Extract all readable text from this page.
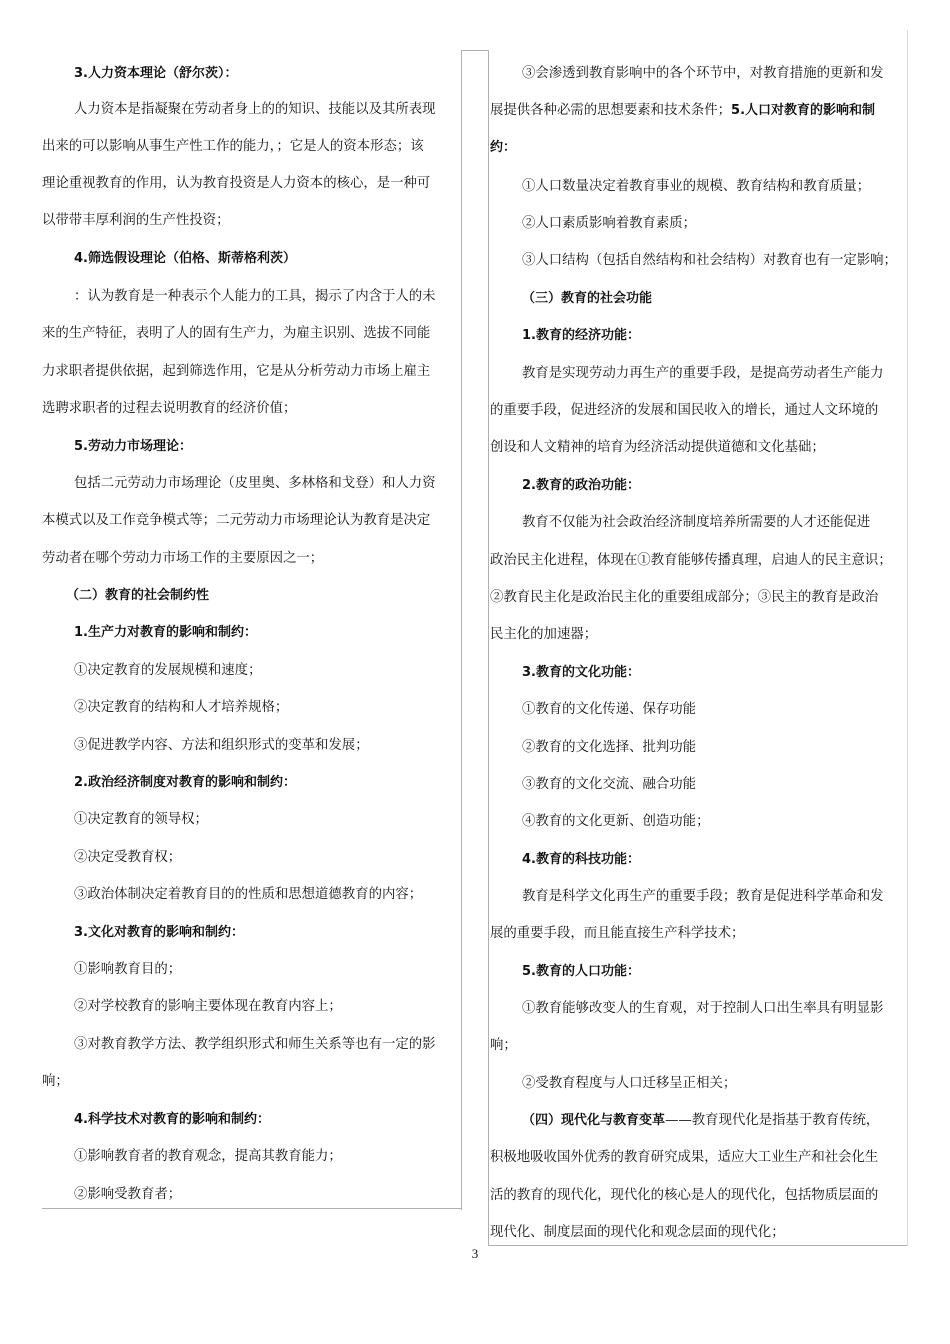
3.人力资本理论（舒尔茨）：
人力资本是指凝聚在劳动者身上的的知识、技能以及其所表现
出来的可以影响从事生产性工作的能力，；它是人的资本形态；该
理论重视教育的作用，认为教育投资是人力资本的核心，是一种可
以带带丰厚利润的生产性投资；
4.筛选假设理论（伯格、斯蒂格利茨）
：认为教育是一种表示个人能力的工具，揭示了内含于人的未
来的生产特征，表明了人的固有生产力，为雇主识别、选拔不同能
力求职者提供依据，起到筛选作用，它是从分析劳动力市场上雇主
选聘求职者的过程去说明教育的经济价值；
5.劳动力市场理论：
包括二元劳动力市场理论（皮里奥、多林格和戈登）和人力资
本模式以及工作竞争模式等；二元劳动力市场理论认为教育是决定
劳动者在哪个劳动力市场工作的主要原因之一；
（二）教育的社会制约性
1.生产力对教育的影响和制约：
①决定教育的发展规模和速度；
②决定教育的结构和人才培养规格；
③促进教学内容、方法和组织形式的变革和发展；
2.政治经济制度对教育的影响和制约：
①决定教育的领导权；
②决定受教育权；
③政治体制决定着教育目的的性质和思想道德教育的内容；
3.文化对教育的影响和制约：
①影响教育目的；
②对学校教育的影响主要体现在教育内容上；
③对教育教学方法、教学组织形式和师生关系等也有一定的影
响；
4.科学技术对教育的影响和制约：
①影响教育者的教育观念，提高其教育能力；
②影响受教育者；
③会渗透到教育影响中的各个环节中，对教育措施的更新和发
展提供各种必需的思想要素和技术条件；5.人口对教育的影响和制
约：
①人口数量决定着教育事业的规模、教育结构和教育质量；
②人口素质影响着教育素质；
③人口结构（包括自然结构和社会结构）对教育也有一定影响；
（三）教育的社会功能
1.教育的经济功能：
教育是实现劳动力再生产的重要手段，是提高劳动者生产能力
的重要手段，促进经济的发展和国民收入的增长，通过人文环境的
创设和人文精神的培育为经济活动提供道德和文化基础；
2.教育的政治功能：
教育不仅能为社会政治经济制度培养所需要的人才还能促进
政治民主化进程，体现在①教育能够传播真理，启迪人的民主意识；
②教育民主化是政治民主化的重要组成部分；③民主的教育是政治
民主化的加速器；
3.教育的文化功能：
①教育的文化传递、保存功能
②教育的文化选择、批判功能
③教育的文化交流、融合功能
④教育的文化更新、创造功能；
4.教育的科技功能：
教育是科学文化再生产的重要手段；教育是促进科学革命和发
展的重要手段，而且能直接生产科学技术；
5.教育的人口功能：
①教育能够改变人的生育观，对于控制人口出生率具有明显影
响；
②受教育程度与人口迁移呈正相关；
（四）现代化与教育变革——教育现代化是指基于教育传统，
积极地吸收国外优秀的教育研究成果，适应大工业生产和社会化生
活的教育的现代化，现代化的核心是人的现代化，包括物质层面的
现代化、制度层面的现代化和观念层面的现代化；
3
